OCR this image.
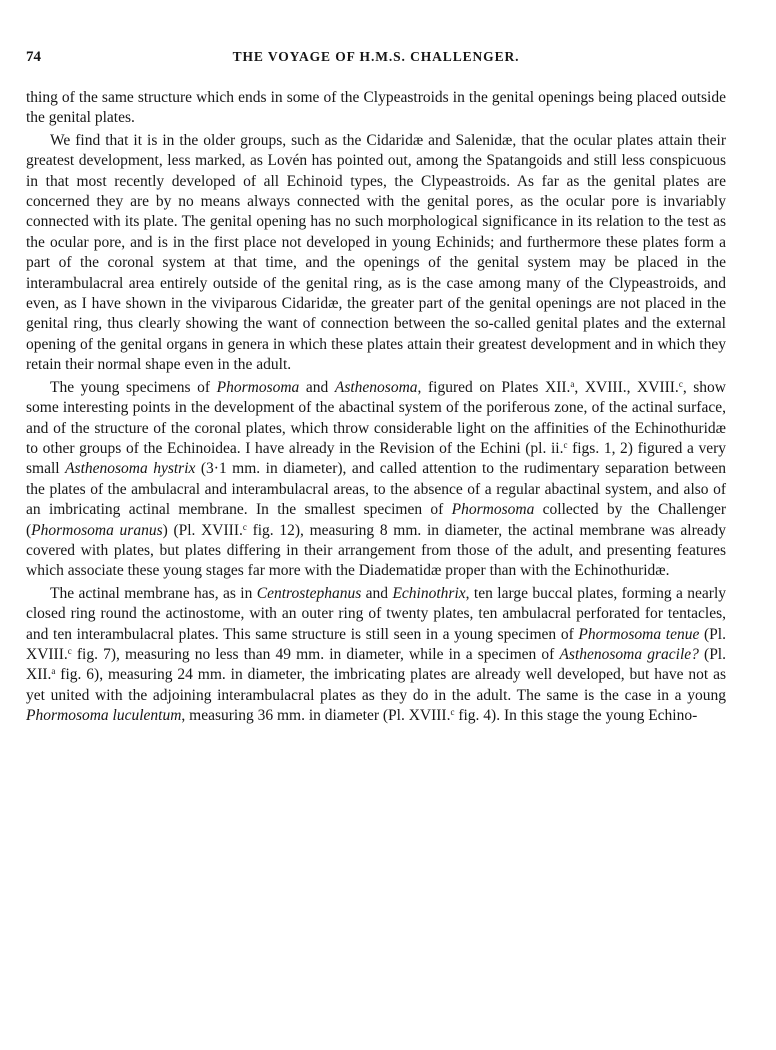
74	THE VOYAGE OF H.M.S. CHALLENGER.

thing of the same structure which ends in some of the Clypeastroids in the genital openings being placed outside the genital plates.

We find that it is in the older groups, such as the Cidaridæ and Salenidæ, that the ocular plates attain their greatest development, less marked, as Lovén has pointed out, among the Spatangoids and still less conspicuous in that most recently developed of all Echinoid types, the Clypeastroids. As far as the genital plates are concerned they are by no means always connected with the genital pores, as the ocular pore is invariably connected with its plate. The genital opening has no such morphological significance in its relation to the test as the ocular pore, and is in the first place not developed in young Echinids; and furthermore these plates form a part of the coronal system at that time, and the openings of the genital system may be placed in the interambulacral area entirely outside of the genital ring, as is the case among many of the Clypeastroids, and even, as I have shown in the viviparous Cidaridæ, the greater part of the genital openings are not placed in the genital ring, thus clearly showing the want of connection between the so-called genital plates and the external opening of the genital organs in genera in which these plates attain their greatest development and in which they retain their normal shape even in the adult.

The young specimens of Phormosoma and Asthenosoma, figured on Plates XII.$^a$, XVIII., XVIII.$^c$, show some interesting points in the development of the abactinal system of the poriferous zone, of the actinal surface, and of the structure of the coronal plates, which throw considerable light on the affinities of the Echinothuridæ to other groups of the Echinoidea. I have already in the Revision of the Echini (pl. ii.$^c$ figs. 1, 2) figured a very small Asthenosoma hystrix (3·1 mm. in diameter), and called attention to the rudimentary separation between the plates of the ambulacral and interambulacral areas, to the absence of a regular abactinal system, and also of an imbricating actinal membrane. In the smallest specimen of Phormosoma collected by the Challenger (Phormosoma uranus) (Pl. XVIII.$^c$ fig. 12), measuring 8 mm. in diameter, the actinal membrane was already covered with plates, but plates differing in their arrangement from those of the adult, and presenting features which associate these young stages far more with the Diadematidæ proper than with the Echinothuridæ.

The actinal membrane has, as in Centrostephanus and Echinothrix, ten large buccal plates, forming a nearly closed ring round the actinostome, with an outer ring of twenty plates, ten ambulacral perforated for tentacles, and ten interambulacral plates. This same structure is still seen in a young specimen of Phormosoma tenue (Pl. XVIII.$^c$ fig. 7), measuring no less than 49 mm. in diameter, while in a specimen of Asthenosoma gracile? (Pl. XII.$^a$ fig. 6), measuring 24 mm. in diameter, the imbricating plates are already well developed, but have not as yet united with the adjoining interambulacral plates as they do in the adult. The same is the case in a young Phormosoma luculentum, measuring 36 mm. in diameter (Pl. XVIII.$^c$ fig. 4). In this stage the young Echino-
